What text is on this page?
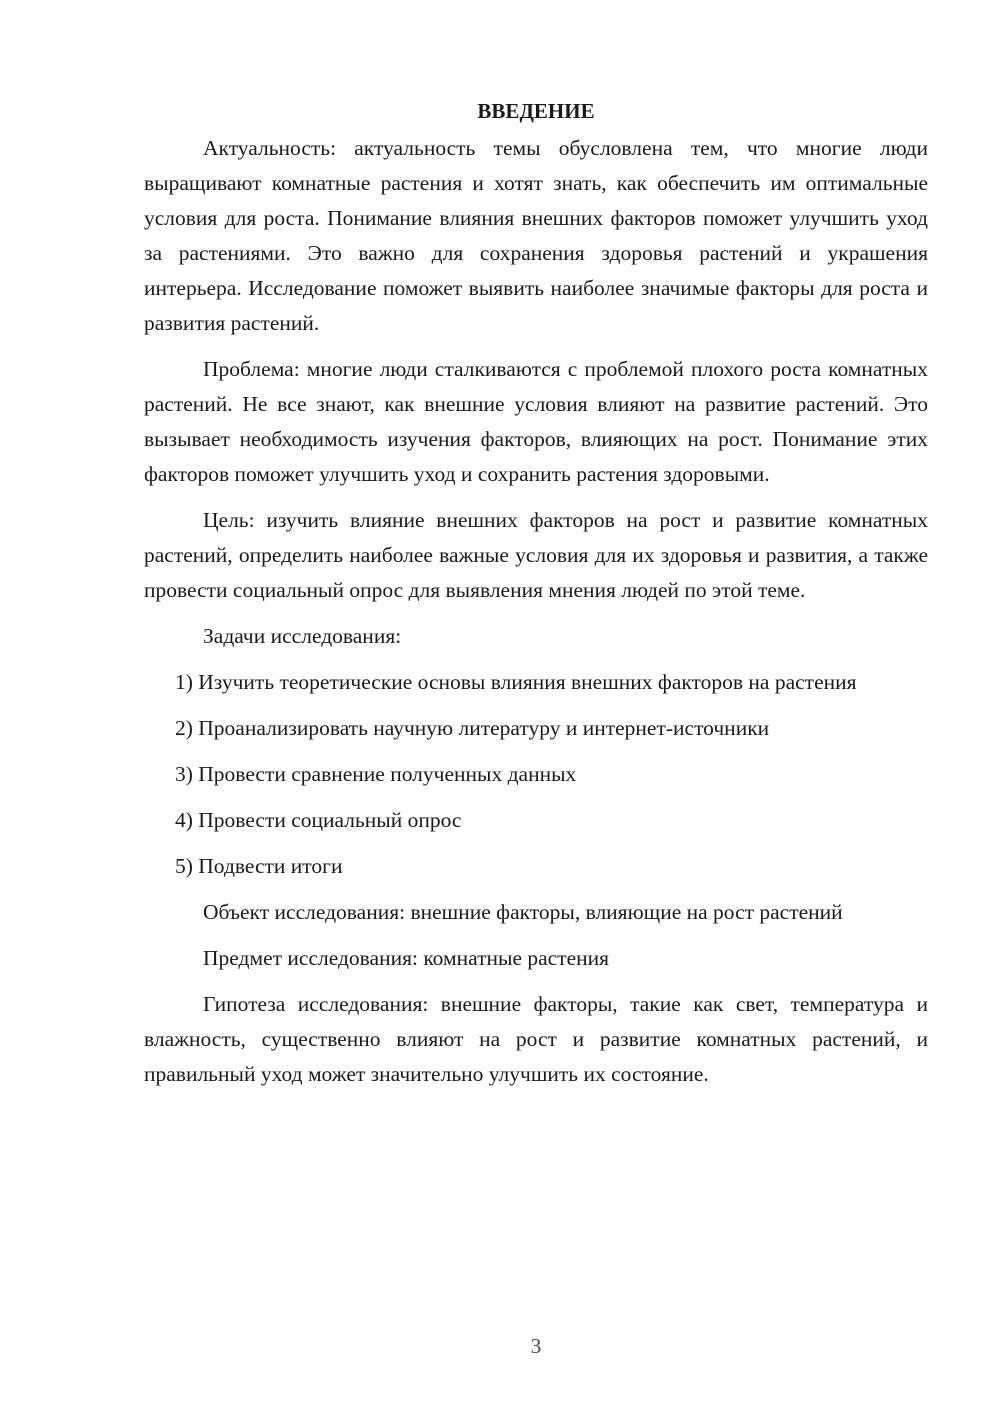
ВВЕДЕНИЕ

Актуальность: актуальность темы обусловлена тем, что многие люди выращивают комнатные растения и хотят знать, как обеспечить им оптимальные условия для роста. Понимание влияния внешних факторов поможет улучшить уход за растениями. Это важно для сохранения здоровья растений и украшения интерьера. Исследование поможет выявить наиболее значимые факторы для роста и развития растений.

Проблема: многие люди сталкиваются с проблемой плохого роста комнатных растений. Не все знают, как внешние условия влияют на развитие растений. Это вызывает необходимость изучения факторов, влияющих на рост. Понимание этих факторов поможет улучшить уход и сохранить растения здоровыми.

Цель: изучить влияние внешних факторов на рост и развитие комнатных растений, определить наиболее важные условия для их здоровья и развития, а также провести социальный опрос для выявления мнения людей по этой теме.

Задачи исследования:

1) Изучить теоретические основы влияния внешних факторов на растения

2) Проанализировать научную литературу и интернет-источники

3) Провести сравнение полученных данных

4) Провести социальный опрос

5) Подвести итоги

Объект исследования: внешние факторы, влияющие на рост растений

Предмет исследования: комнатные растения

Гипотеза исследования: внешние факторы, такие как свет, температура и влажность, существенно влияют на рост и развитие комнатных растений, и правильный уход может значительно улучшить их состояние.

3
